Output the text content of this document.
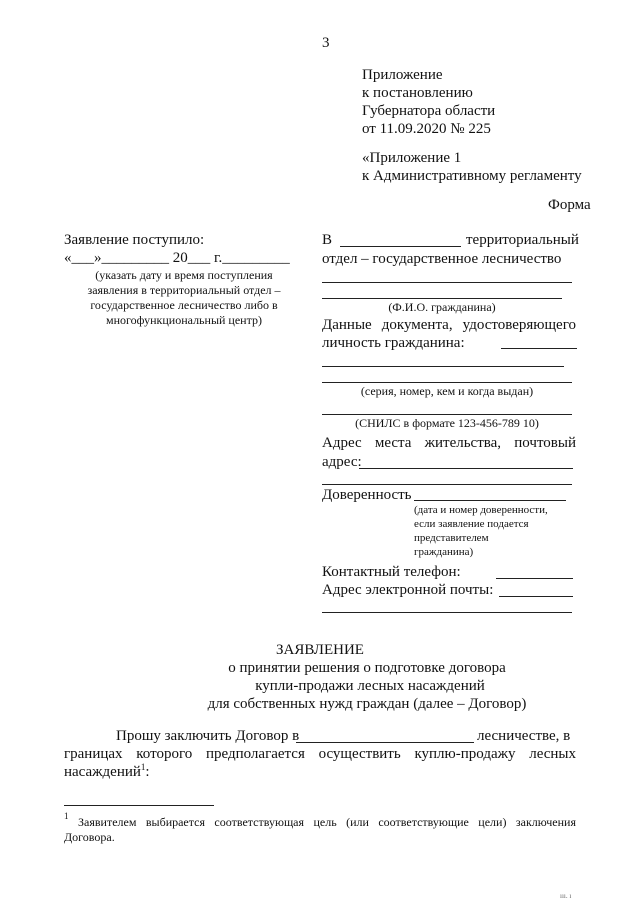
3
Приложение
к постановлению
Губернатора области
от 11.09.2020 № 225
«Приложение 1
к Административному регламенту
Форма
Заявление поступило:
«___»_________ 20___ г._________
(указать дату и время поступления
заявления в территориальный отдел –
государственное лесничество либо в
многофункциональный центр)
В	территориальный
отдел – государственное лесничество
(Ф.И.О. гражданина)
Данные документа, удостоверяющего
личность гражданина:
(серия, номер, кем и когда выдан)
(СНИЛС в формате 123-456-789 10)
Адрес места жительства, почтовый
адрес:
Доверенность
(дата и номер доверенности,
если заявление подается
представителем
гражданина)
Контактный телефон:
Адрес электронной почты:
ЗАЯВЛЕНИЕ
о принятии решения о подготовке договора
купли-продажи лесных насаждений
для собственных нужд граждан (далее – Договор)
Прошу заключить Договор в	лесничестве, в
границах которого предполагается осуществить куплю-продажу лесных
насаждений$^1$:
1 Заявителем выбирается соответствующая цель (или соответствующие цели) заключения
Договора.
ııı. ı
